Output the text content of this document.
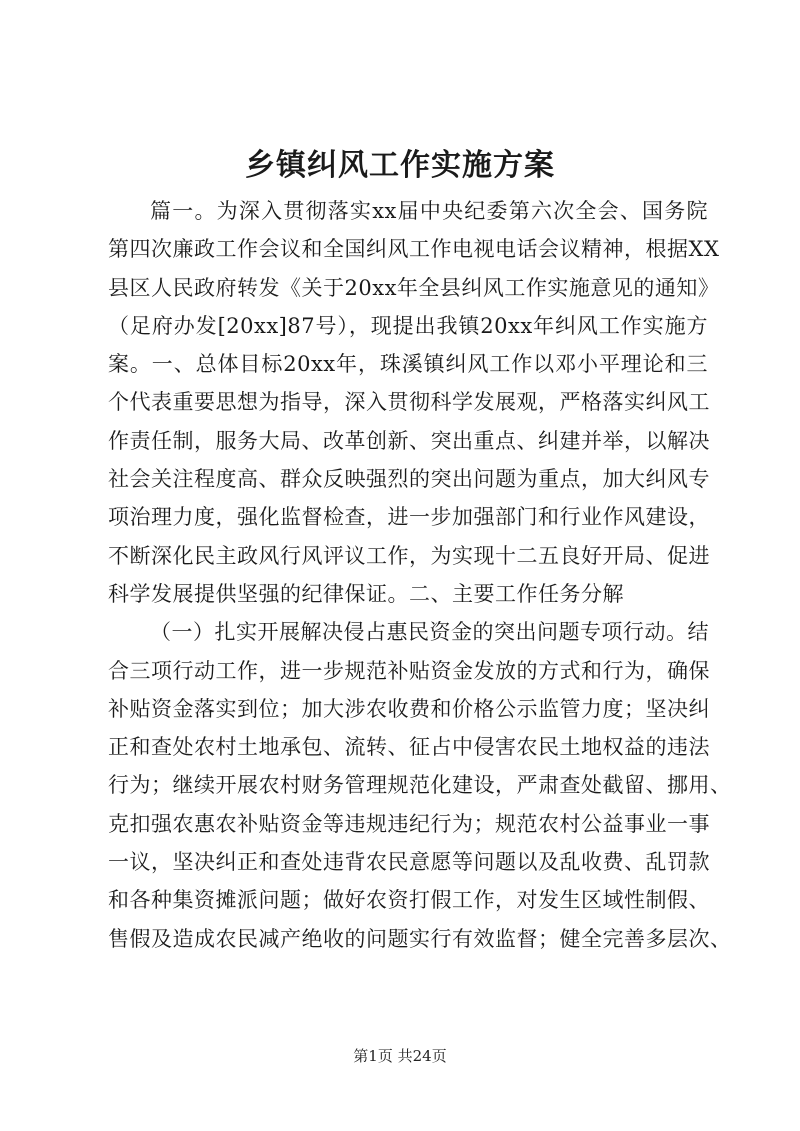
乡镇纠风工作实施方案
篇一。为深入贯彻落实xx届中央纪委第六次全会、国务院
第四次廉政工作会议和全国纠风工作电视电话会议精神，根据XX
县区人民政府转发《关于20xx年全县纠风工作实施意见的通知》
（足府办发[20xx]87号），现提出我镇20xx年纠风工作实施方
案。一、总体目标20xx年，珠溪镇纠风工作以邓小平理论和三
个代表重要思想为指导，深入贯彻科学发展观，严格落实纠风工
作责任制，服务大局、改革创新、突出重点、纠建并举，以解决
社会关注程度高、群众反映强烈的突出问题为重点，加大纠风专
项治理力度，强化监督检查，进一步加强部门和行业作风建设，
不断深化民主政风行风评议工作，为实现十二五良好开局、促进
科学发展提供坚强的纪律保证。二、主要工作任务分解
（一）扎实开展解决侵占惠民资金的突出问题专项行动。结
合三项行动工作，进一步规范补贴资金发放的方式和行为，确保
补贴资金落实到位；加大涉农收费和价格公示监管力度；坚决纠
正和查处农村土地承包、流转、征占中侵害农民土地权益的违法
行为；继续开展农村财务管理规范化建设，严肃查处截留、挪用、
克扣强农惠农补贴资金等违规违纪行为；规范农村公益事业一事
一议，坚决纠正和查处违背农民意愿等问题以及乱收费、乱罚款
和各种集资摊派问题；做好农资打假工作，对发生区域性制假、
售假及造成农民减产绝收的问题实行有效监督；健全完善多层次、
第1页 共24页
